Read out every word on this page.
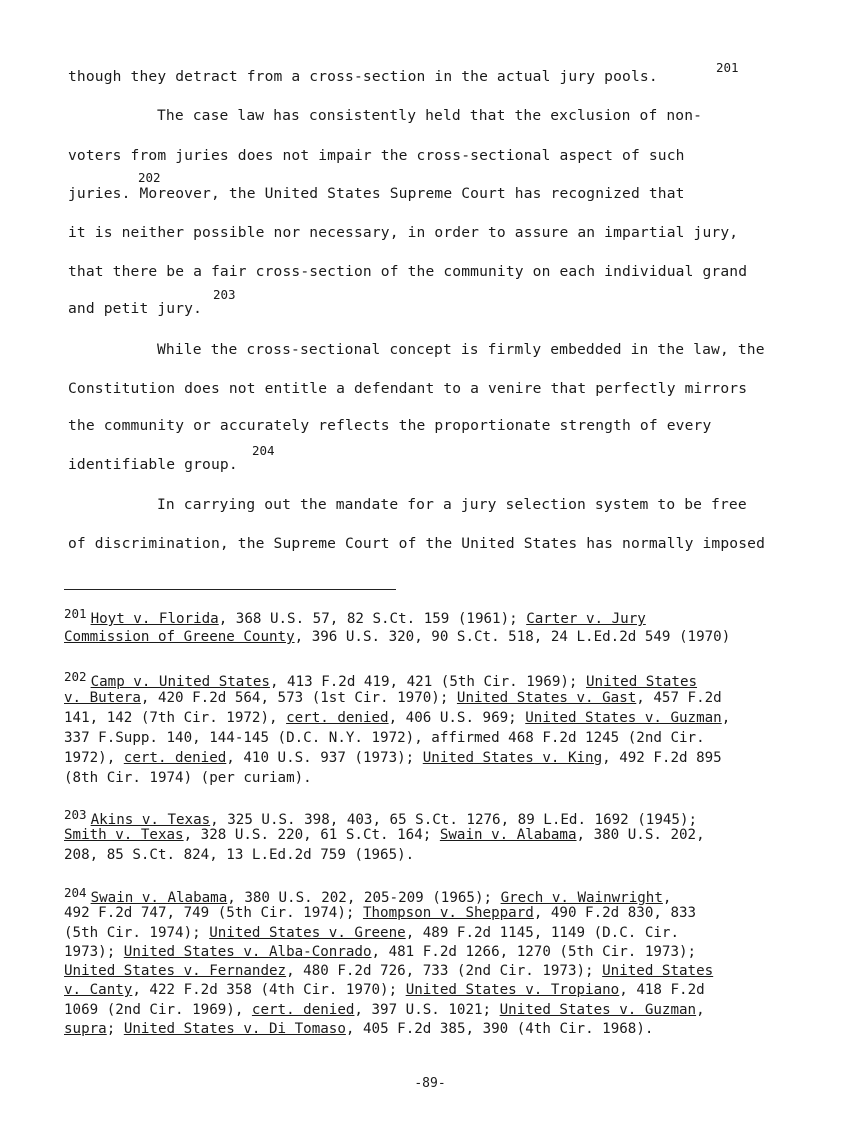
though they detract from a cross-section in the actual jury pools.
201
The case law has consistently held that the exclusion of non-
voters from juries does not impair the cross-sectional aspect of such
juries. Moreover, the United States Supreme Court has recognized that
202
it is neither possible nor necessary, in order to assure an impartial jury,
that there be a fair cross-section of the community on each individual grand
and petit jury.
203
While the cross-sectional concept is firmly embedded in the law, the
Constitution does not entitle a defendant to a venire that perfectly mirrors
the community or accurately reflects the proportionate strength of every
identifiable group.
204
In carrying out the mandate for a jury selection system to be free
of discrimination, the Supreme Court of the United States has normally imposed
201 Hoyt v. Florida, 368 U.S. 57, 82 S.Ct. 159 (1961); Carter v. Jury
Commission of Greene County, 396 U.S. 320, 90 S.Ct. 518, 24 L.Ed.2d 549 (1970)
202 Camp v. United States, 413 F.2d 419, 421 (5th Cir. 1969); United States
v. Butera, 420 F.2d 564, 573 (1st Cir. 1970); United States v. Gast, 457 F.2d
141, 142 (7th Cir. 1972), cert. denied, 406 U.S. 969; United States v. Guzman,
337 F.Supp. 140, 144-145 (D.C. N.Y. 1972), affirmed 468 F.2d 1245 (2nd Cir.
1972), cert. denied, 410 U.S. 937 (1973); United States v. King, 492 F.2d 895
(8th Cir. 1974) (per curiam).
203 Akins v. Texas, 325 U.S. 398, 403, 65 S.Ct. 1276, 89 L.Ed. 1692 (1945);
Smith v. Texas, 328 U.S. 220, 61 S.Ct. 164; Swain v. Alabama, 380 U.S. 202,
208, 85 S.Ct. 824, 13 L.Ed.2d 759 (1965).
204 Swain v. Alabama, 380 U.S. 202, 205-209 (1965); Grech v. Wainwright,
492 F.2d 747, 749 (5th Cir. 1974); Thompson v. Sheppard, 490 F.2d 830, 833
(5th Cir. 1974); United States v. Greene, 489 F.2d 1145, 1149 (D.C. Cir.
1973); United States v. Alba-Conrado, 481 F.2d 1266, 1270 (5th Cir. 1973);
United States v. Fernandez, 480 F.2d 726, 733 (2nd Cir. 1973); United States
v. Canty, 422 F.2d 358 (4th Cir. 1970); United States v. Tropiano, 418 F.2d
1069 (2nd Cir. 1969), cert. denied, 397 U.S. 1021; United States v. Guzman,
supra; United States v. Di Tomaso, 405 F.2d 385, 390 (4th Cir. 1968).
-89-
